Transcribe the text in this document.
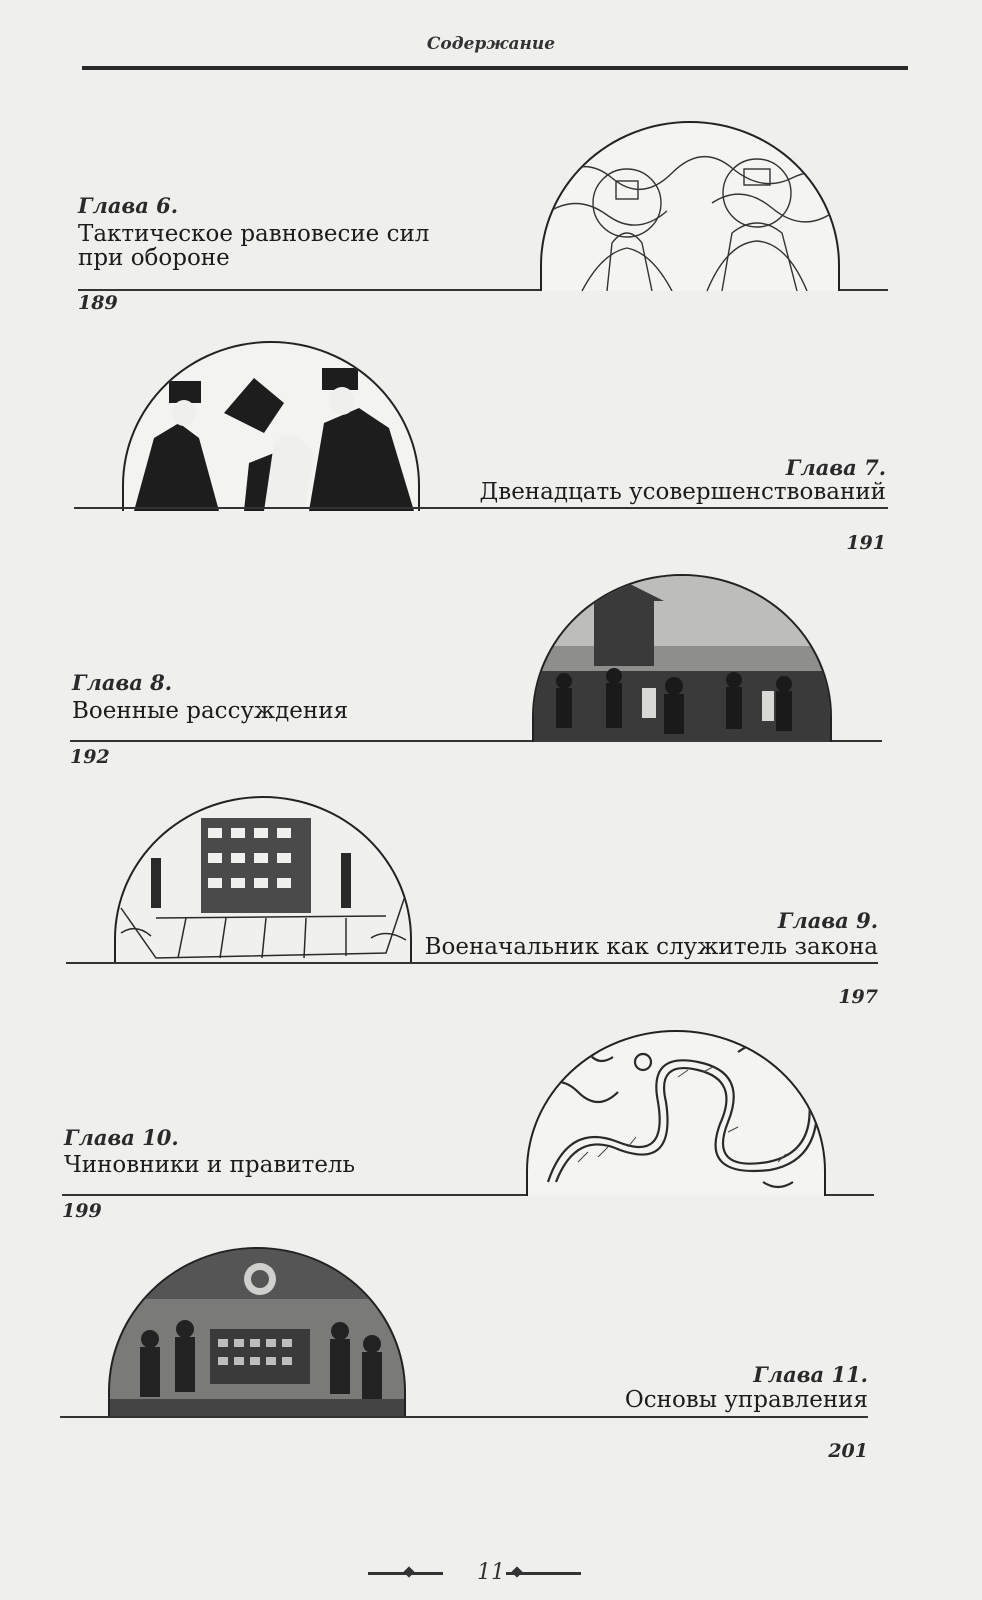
Содержание
Глава 6.
Тактическое равновесие сил
при обороне
189
Глава 7.
Двенадцать усовершенствований
191
Глава 8.
Военные рассуждения
192
Глава 9.
Военачальник как служитель закона
197
Глава 10.
Чиновники и правитель
199
Глава 11.
Основы управления
201
11
